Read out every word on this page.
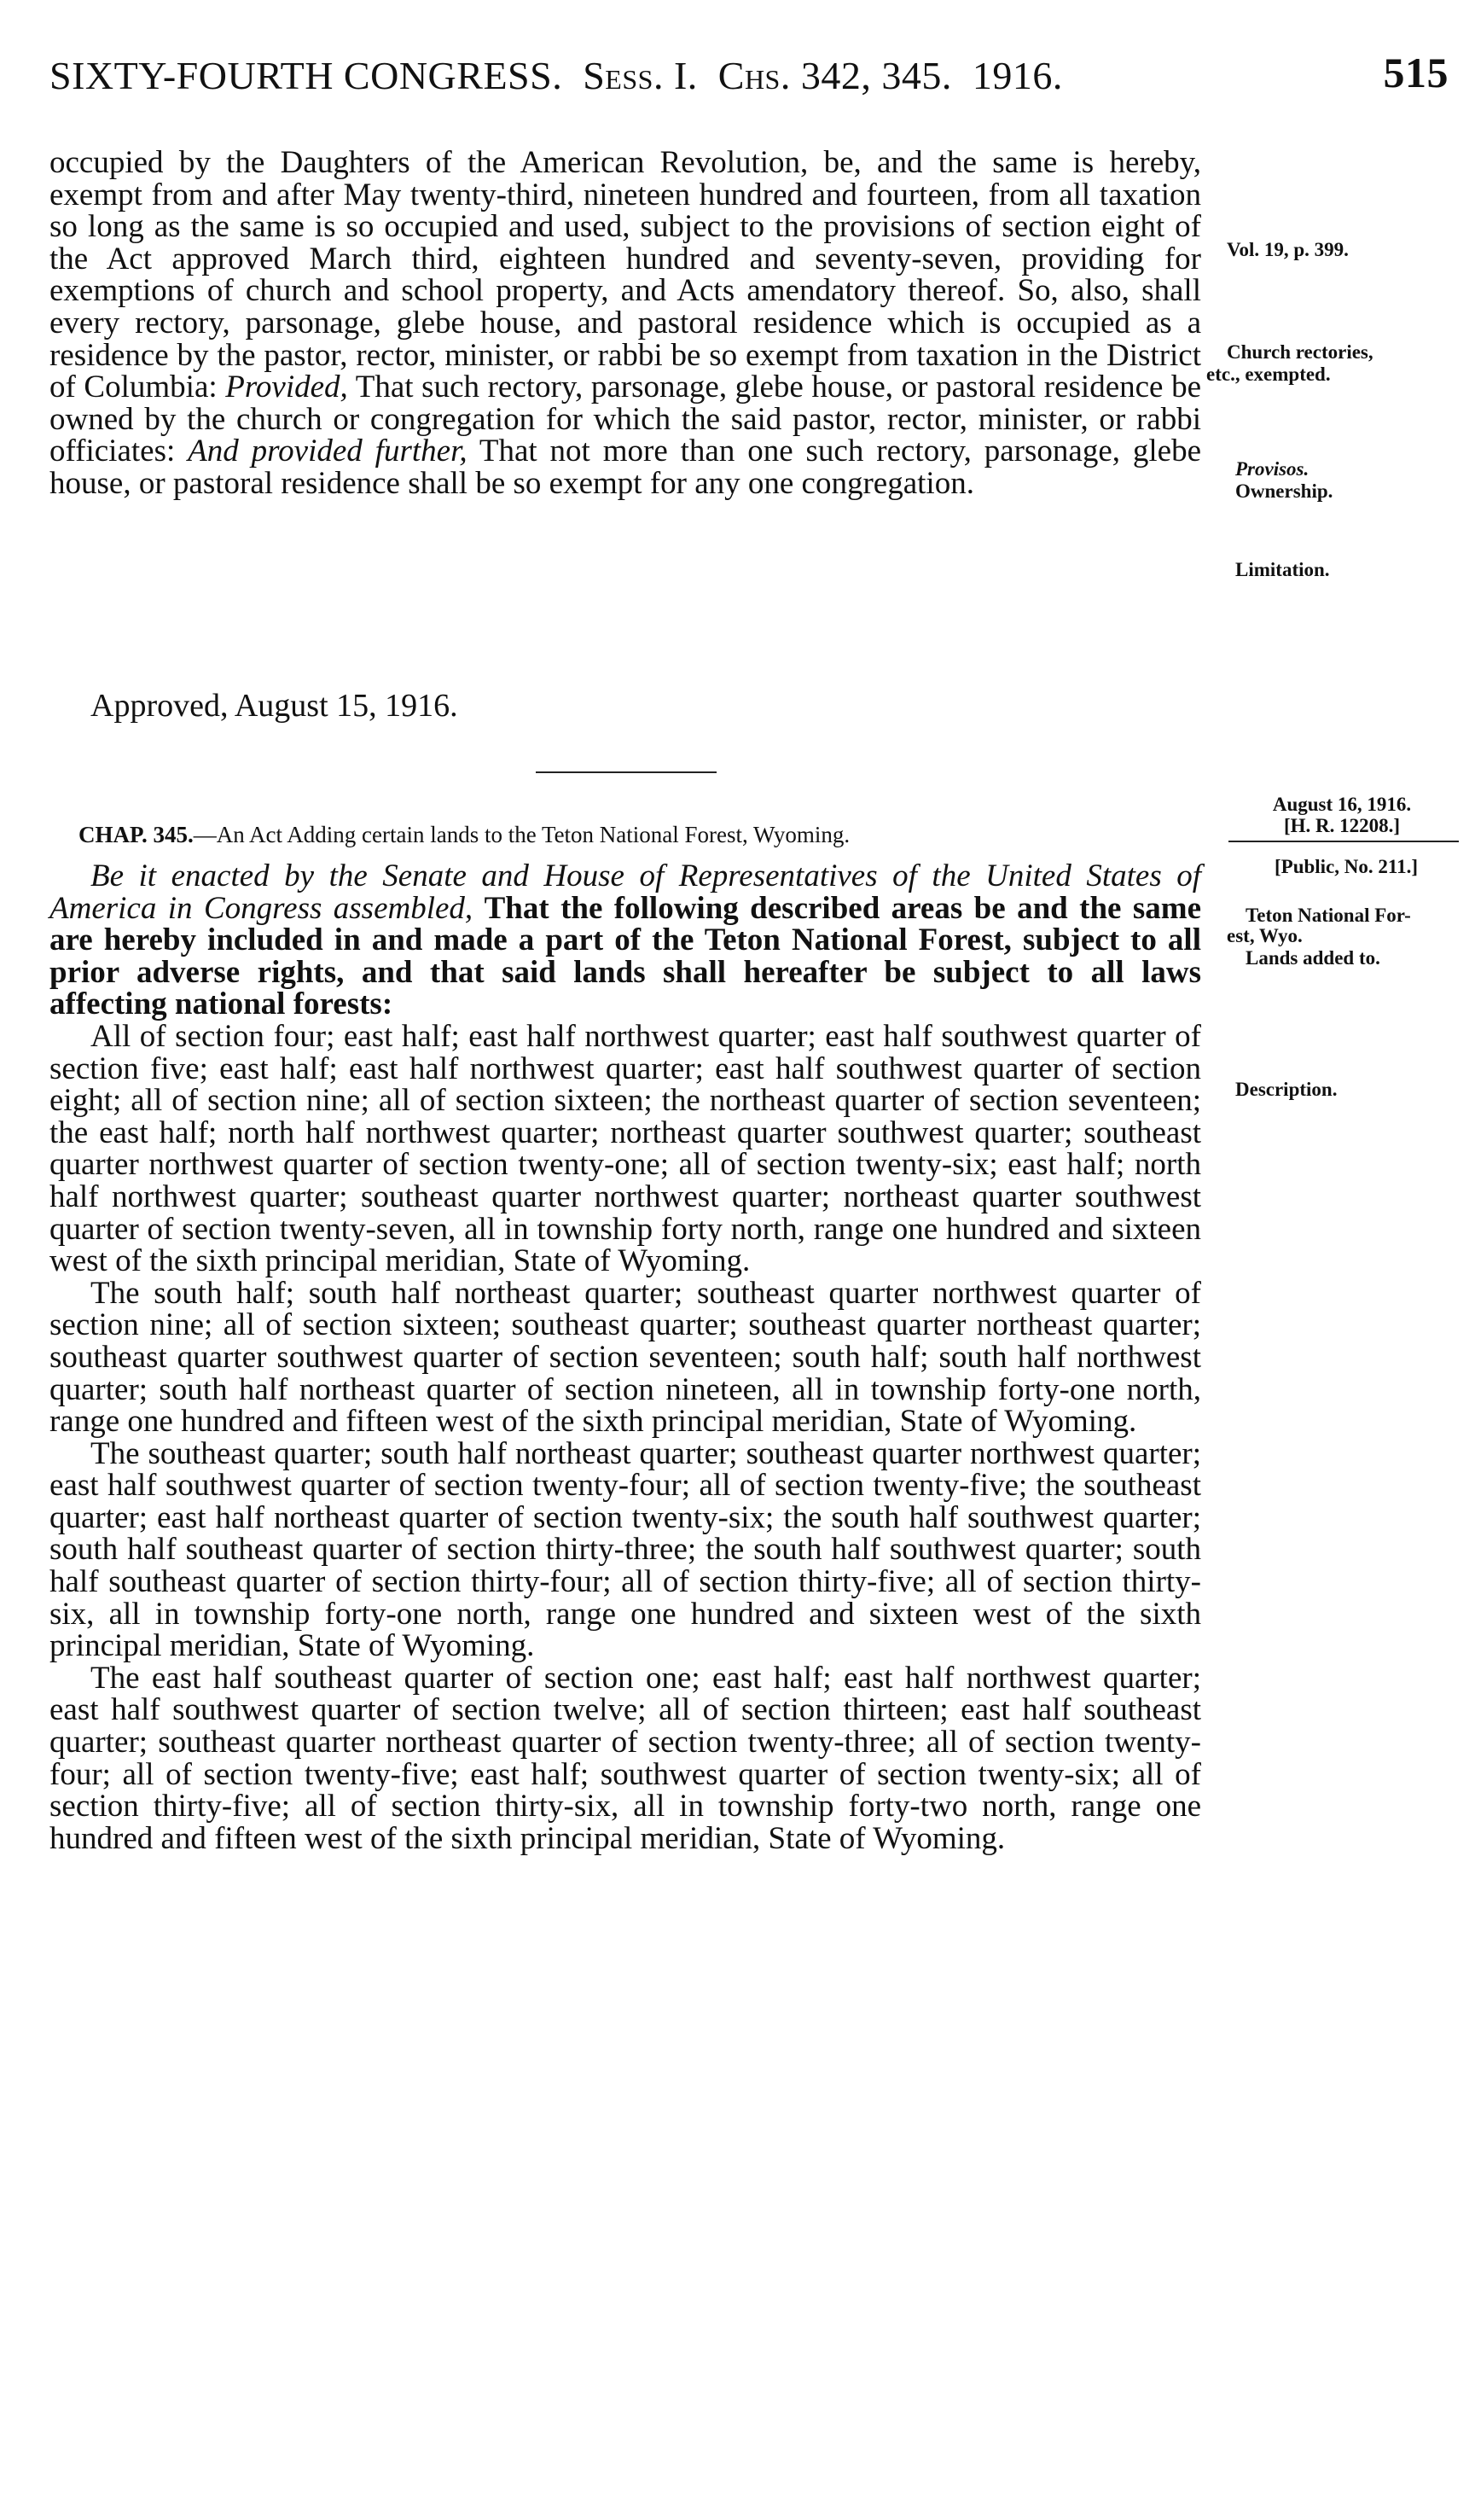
SIXTY-FOURTH CONGRESS. Sess. I. Chs. 342, 345. 1916.	515

occupied by the Daughters of the American Revolution, be, and the same is hereby, exempt from and after May twenty-third, nineteen hundred and fourteen, from all taxation so long as the same is so occupied and used, subject to the provisions of section eight of the Act approved March third, eighteen hundred and seventy-seven, providing for exemptions of church and school property, and Acts amendatory thereof. So, also, shall every rectory, parsonage, glebe house, and pastoral residence which is occupied as a residence by the pastor, rector, minister, or rabbi be so exempt from taxation in the District of Columbia: Provided, That such rectory, parsonage, glebe house, or pastoral residence be owned by the church or congregation for which the said pastor, rector, minister, or rabbi officiates: And provided further, That not more than one such rectory, parsonage, glebe house, or pastoral residence shall be so exempt for any one congregation.

Approved, August 15, 1916.
CHAP. 345.—An Act Adding certain lands to the Teton National Forest, Wyoming.

Be it enacted by the Senate and House of Representatives of the United States of America in Congress assembled, That the following described areas be and the same are hereby included in and made a part of the Teton National Forest, subject to all prior adverse rights, and that said lands shall hereafter be subject to all laws affecting national forests:

All of section four; east half; east half northwest quarter; east half southwest quarter of section five; east half; east half northwest quarter; east half southwest quarter of section eight; all of section nine; all of section sixteen; the northeast quarter of section seventeen; the east half; north half northwest quarter; northeast quarter southwest quarter; southeast quarter northwest quarter of section twenty-one; all of section twenty-six; east half; north half northwest quarter; southeast quarter northwest quarter; northeast quarter southwest quarter of section twenty-seven, all in township forty north, range one hundred and sixteen west of the sixth principal meridian, State of Wyoming.

The south half; south half northeast quarter; southeast quarter northwest quarter of section nine; all of section sixteen; southeast quarter; southeast quarter northeast quarter; southeast quarter southwest quarter of section seventeen; south half; south half northwest quarter; south half northeast quarter of section nineteen, all in township forty-one north, range one hundred and fifteen west of the sixth principal meridian, State of Wyoming.

The southeast quarter; south half northeast quarter; southeast quarter northwest quarter; east half southwest quarter of section twenty-four; all of section twenty-five; the southeast quarter; east half northeast quarter of section twenty-six; the south half southwest quarter; south half southeast quarter of section thirty-three; the south half southwest quarter; south half southeast quarter of section thirty-four; all of section thirty-five; all of section thirty-six, all in township forty-one north, range one hundred and sixteen west of the sixth principal meridian, State of Wyoming.

The east half southeast quarter of section one; east half; east half northwest quarter; east half southwest quarter of section twelve; all of section thirteen; east half southeast quarter; southeast quarter northeast quarter of section twenty-three; all of section twenty-four; all of section twenty-five; east half; southwest quarter of section twenty-six; all of section thirty-five; all of section thirty-six, all in township forty-two north, range one hundred and fifteen west of the sixth principal meridian, State of Wyoming.

Vol. 19, p. 399.
Church rectories,
etc., exempted.
Provisos.
Ownership.
Limitation.
August 16, 1916.
[H. R. 12208.]
[Public, No. 211.]
Teton National For-
est, Wyo.
Lands added to.
Description.
